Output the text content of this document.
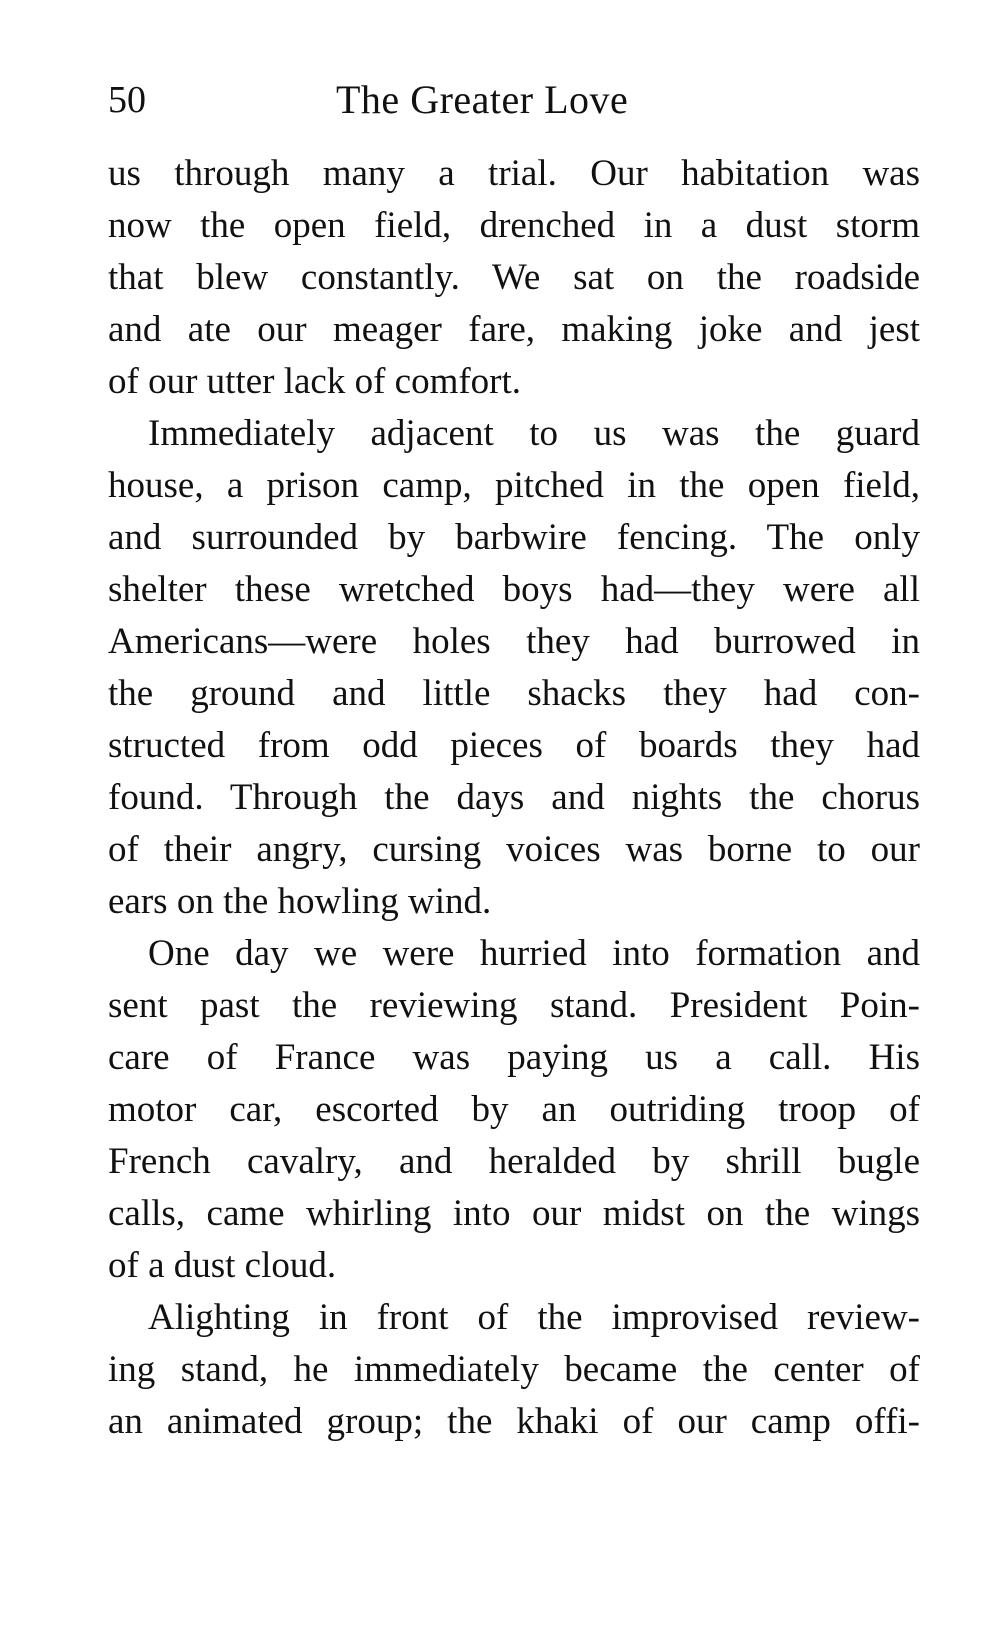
50	The Greater Love
us through many a trial. Our habitation was
now the open field, drenched in a dust storm
that blew constantly. We sat on the roadside
and ate our meager fare, making joke and jest
of our utter lack of comfort.
Immediately adjacent to us was the guard
house, a prison camp, pitched in the open field,
and surrounded by barbwire fencing. The only
shelter these wretched boys had—they were all
Americans—were holes they had burrowed in
the ground and little shacks they had con-
structed from odd pieces of boards they had
found. Through the days and nights the chorus
of their angry, cursing voices was borne to our
ears on the howling wind.
One day we were hurried into formation and
sent past the reviewing stand. President Poin-
care of France was paying us a call. His
motor car, escorted by an outriding troop of
French cavalry, and heralded by shrill bugle
calls, came whirling into our midst on the wings
of a dust cloud.
Alighting in front of the improvised review-
ing stand, he immediately became the center of
an animated group; the khaki of our camp offi-
